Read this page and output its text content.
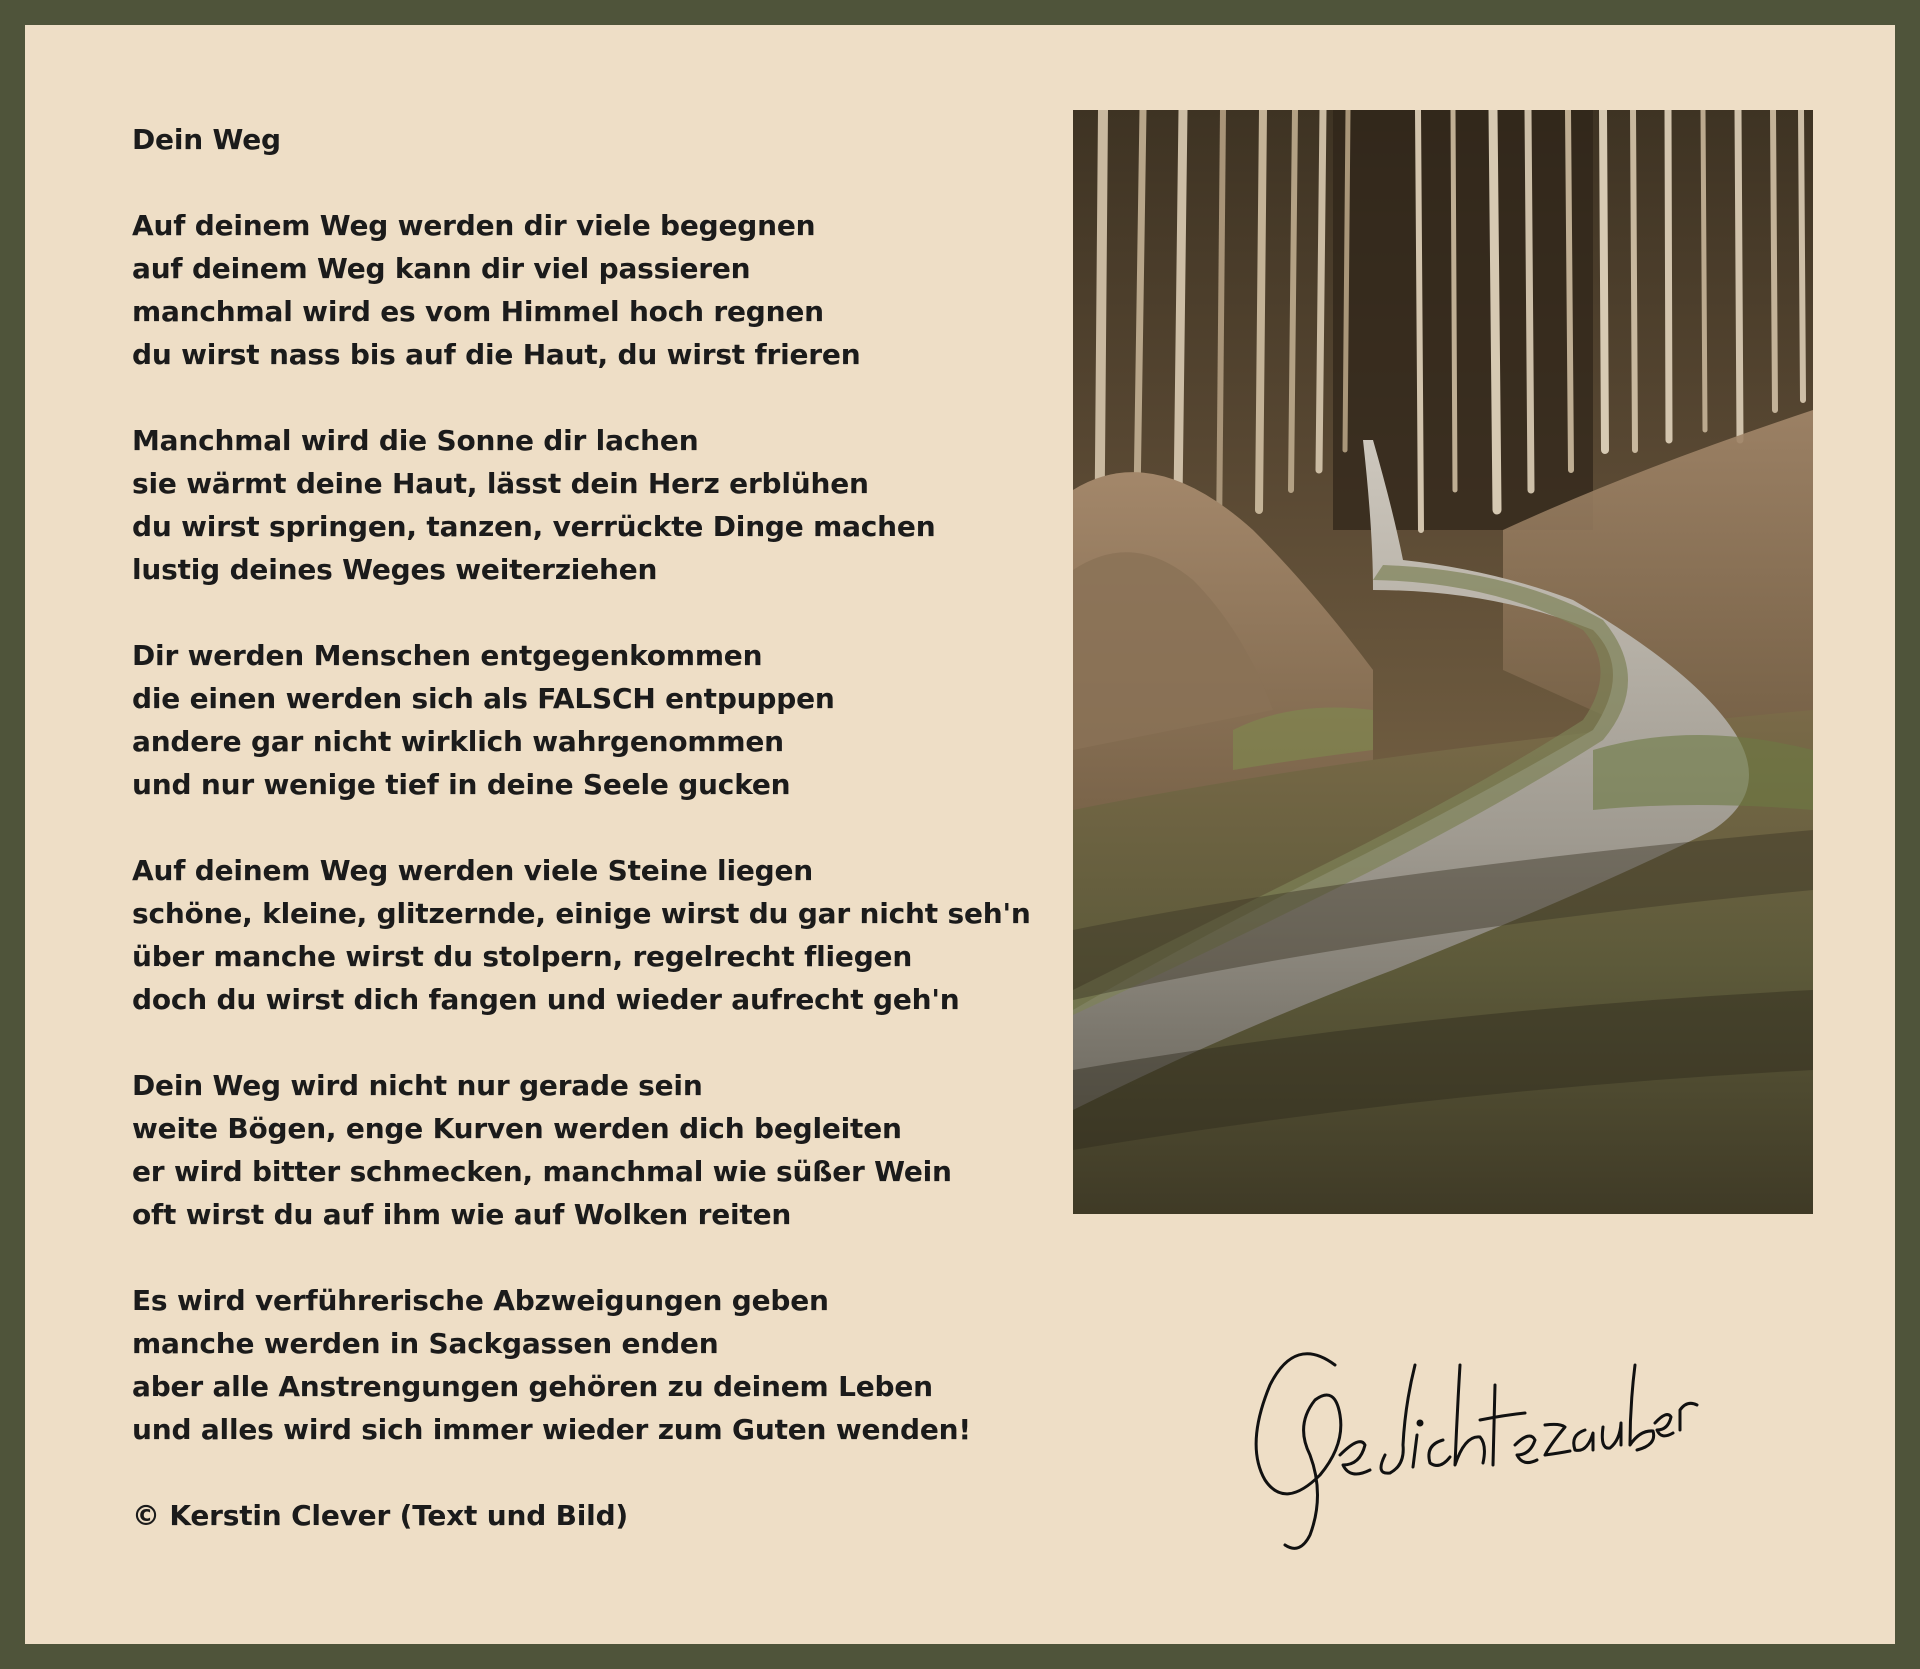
Dein Weg
Auf deinem Weg werden dir viele begegnen
auf deinem Weg kann dir viel passieren
manchmal wird es vom Himmel hoch regnen
du wirst nass bis auf die Haut, du wirst frieren
Manchmal wird die Sonne dir lachen
sie wärmt deine Haut, lässt dein Herz erblühen
du wirst springen, tanzen, verrückte Dinge machen
lustig deines Weges weiterziehen
Dir werden Menschen entgegenkommen
die einen werden sich als FALSCH entpuppen
andere gar nicht wirklich wahrgenommen
und nur wenige tief in deine Seele gucken
Auf deinem Weg werden viele Steine liegen
schöne, kleine, glitzernde, einige wirst du gar nicht seh'n
über manche wirst du stolpern, regelrecht fliegen
doch du wirst dich fangen und wieder aufrecht geh'n
Dein Weg wird nicht nur gerade sein
weite Bögen, enge Kurven werden dich begleiten
er wird bitter schmecken, manchmal wie süßer Wein
oft wirst du auf ihm wie auf Wolken reiten
Es wird verführerische Abzweigungen geben
manche werden in Sackgassen enden
aber alle Anstrengungen gehören zu deinem Leben
und alles wird sich immer wieder zum Guten wenden!
© Kerstin Clever (Text und Bild)
